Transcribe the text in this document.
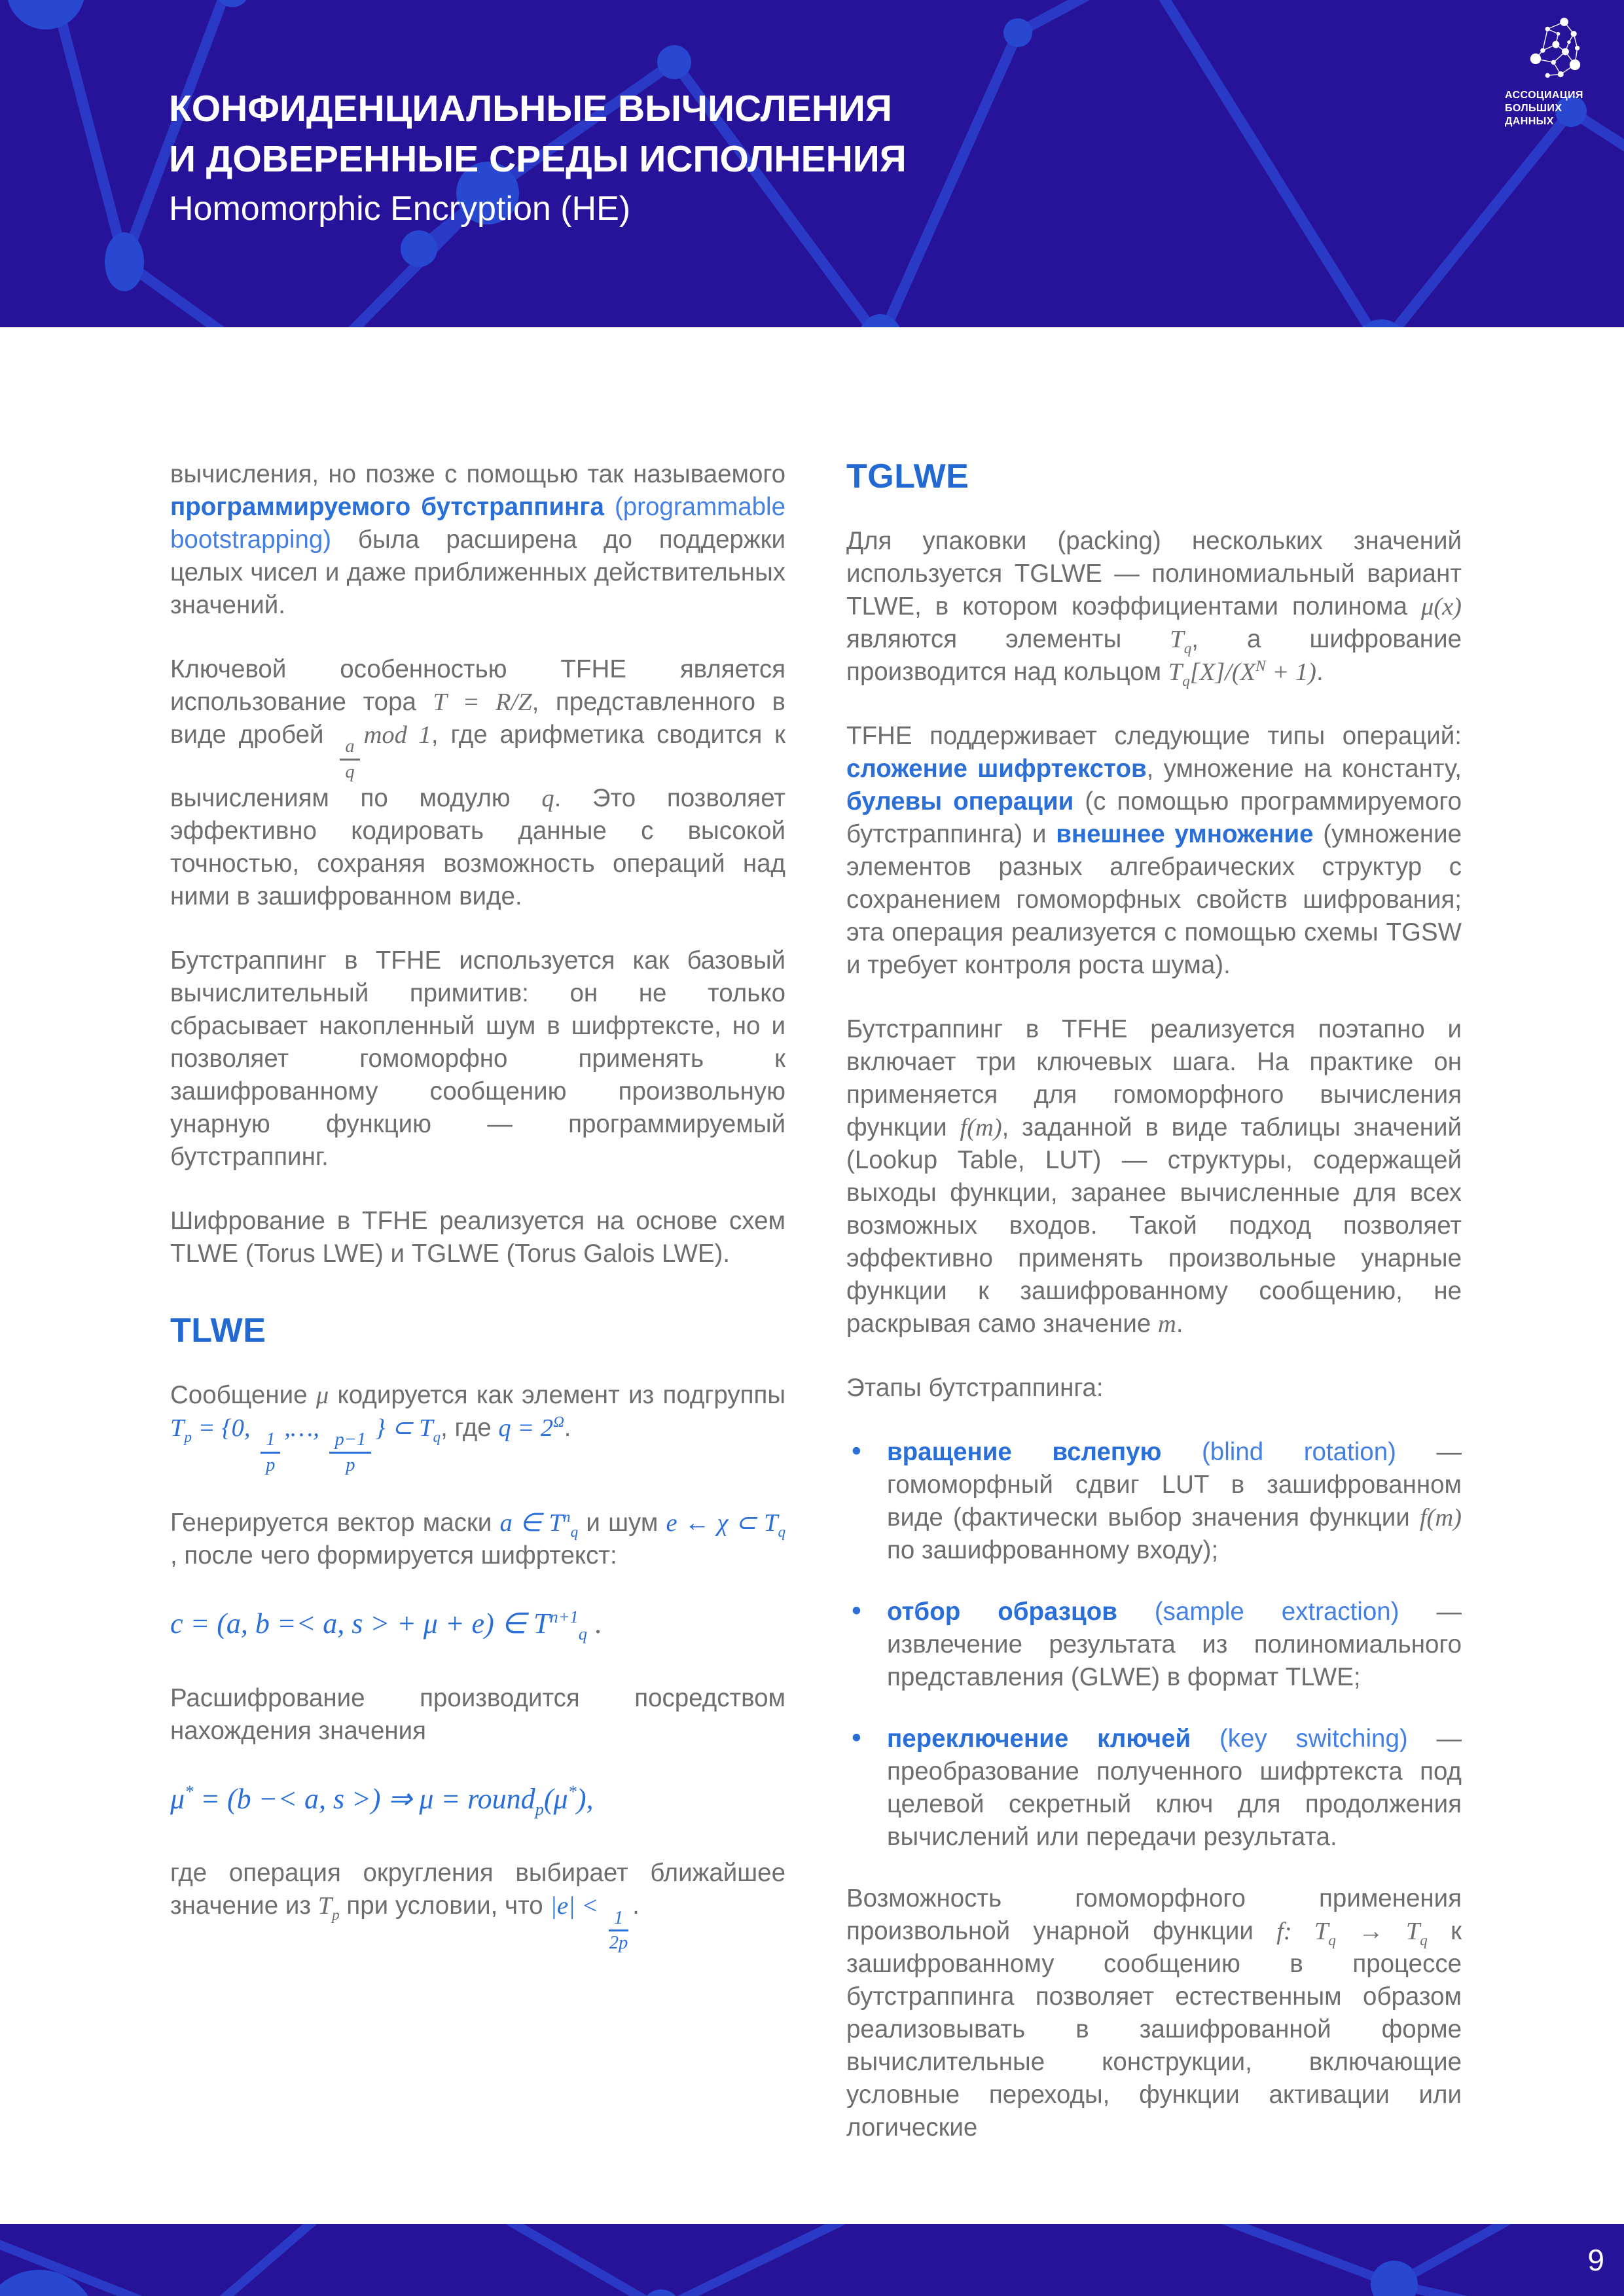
КОНФИДЕНЦИАЛЬНЫЕ ВЫЧИСЛЕНИЯ
И ДОВЕРЕННЫЕ СРЕДЫ ИСПОЛНЕНИЯ
Homomorphic Encryption (HE)
АССОЦИАЦИЯ
БОЛЬШИХ ДАННЫХ

вычисления, но позже с помощью так называемого программируемого бутстраппинга (programmable bootstrapping) была расширена до поддержки целых чисел и даже приближенных действительных значений.

Ключевой особенностью TFHE является использование тора T = R/Z, представленного в виде дробей
$\frac{a}{q}$
mod 1, где арифметика сводится к вычислениям по модулю q. Это позволяет эффективно кодировать данные с высокой точностью, сохраняя возможность операций над ними в зашифрованном виде.

Бутстраппинг в TFHE используется как базовый вычислительный примитив: он не только сбрасывает накопленный шум в шифртексте, но и позволяет гомоморфно применять к зашифрованному сообщению произвольную унарную функцию — программируемый бутстраппинг.

Шифрование в TFHE реализуется на основе схем TLWE (Torus LWE) и TGLWE (Torus Galois LWE).

TLWE

Сообщение μ кодируется как элемент из подгруппы $T_p = \{0$,
$\frac{1}{p}$
,…,
$\frac{p-1}{p}$
} ⊂ $T_q$, где $q = 2^\Omega$.

Генерируется вектор маски a ∈ $T^n_q$ и шум e ← χ ⊂ $T_q$ , после чего формируется шифртекст:

c = (a, b =< a, s > + μ + e) ∈ $T^{n+1}_q$ .

Расшифрование производится посредством нахождения значения

μ* = (b −< a, s >) ⇒ μ = round$_p$(μ*),

где операция округления выбирает ближайшее значение из $T_p$ при условии, что |e| <
$\frac{1}{2p}$
.

TGLWE

Для упаковки (packing) нескольких значений используется TGLWE — полиномиальный вариант TLWE, в котором коэффициентами полинома μ(x) являются элементы $T_q$, а шифрование производится над кольцом $T_q[X]/(X^N + 1)$.

TFHE поддерживает следующие типы операций: сложение шифртекстов, умножение на константу, булевы операции (с помощью программируемого бутстраппинга) и внешнее умножение (умножение элементов разных алгебраических структур с сохранением гомоморфных свойств шифрования; эта операция реализуется с помощью схемы TGSW и требует контроля роста шума).

Бутстраппинг в TFHE реализуется поэтапно и включает три ключевых шага. На практике он применяется для гомоморфного вычисления функции f(m), заданной в виде таблицы значений (Lookup Table, LUT) — структуры, содержащей выходы функции, заранее вычисленные для всех возможных входов. Такой подход позволяет эффективно применять произвольные унарные функции к зашифрованному сообщению, не раскрывая само значение m.

Этапы бутстраппинга:

• вращение вслепую (blind rotation) — гомоморфный сдвиг LUT в зашифрованном виде (фактически выбор значения функции f(m) по зашифрованному входу);
• отбор образцов (sample extraction) — извлечение результата из полиномиального представления (GLWE) в формат TLWE;
• переключение ключей (key switching) — преобразование полученного шифртекста под целевой секретный ключ для продолжения вычислений или передачи результата.

Возможность гомоморфного применения произвольной унарной функции f: $T_q \to T_q$ к зашифрованному сообщению в процессе бутстраппинга позволяет естественным образом реализовывать в зашифрованной форме вычислительные конструкции, включающие условные переходы, функции активации или логические

9
